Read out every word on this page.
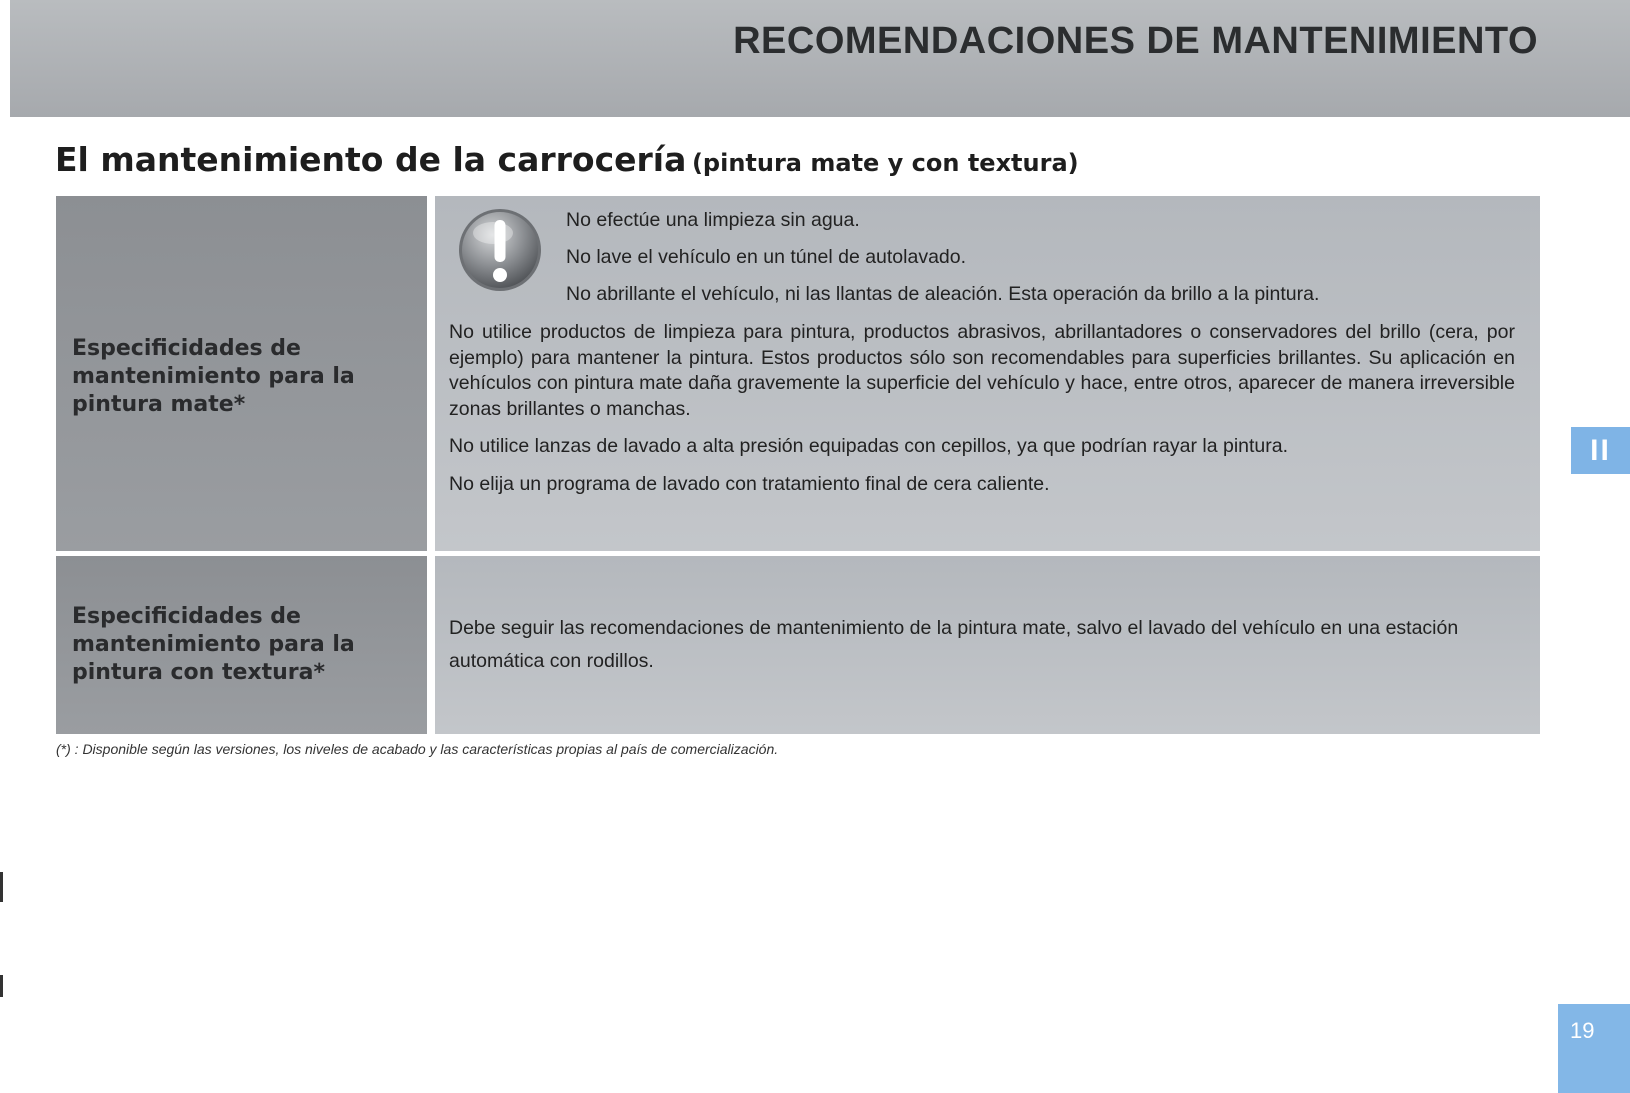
RECOMENDACIONES DE MANTENIMIENTO
El mantenimiento de la carrocería (pintura mate y con textura)
Especificidades de mantenimiento para la pintura mate*

No efectúe una limpieza sin agua.

No lave el vehículo en un túnel de autolavado.

No abrillante el vehículo, ni las llantas de aleación. Esta operación da brillo a la pintura.

No utilice productos de limpieza para pintura, productos abrasivos, abrillantadores o conservadores del brillo (cera, por ejemplo) para mantener la pintura. Estos productos sólo son recomendables para superficies brillantes. Su aplicación en vehículos con pintura mate daña gravemente la superficie del vehículo y hace, entre otros, aparecer de manera irreversible zonas brillantes o manchas.

No utilice lanzas de lavado a alta presión equipadas con cepillos, ya que podrían rayar la pintura.

No elija un programa de lavado con tratamiento final de cera caliente.

Especificidades de mantenimiento para la pintura con textura*

Debe seguir las recomendaciones de mantenimiento de la pintura mate, salvo el lavado del vehículo en una estación automática con rodillos.

(*) : Disponible según las versiones, los niveles de acabado y las características propias al país de comercialización.
II
19
